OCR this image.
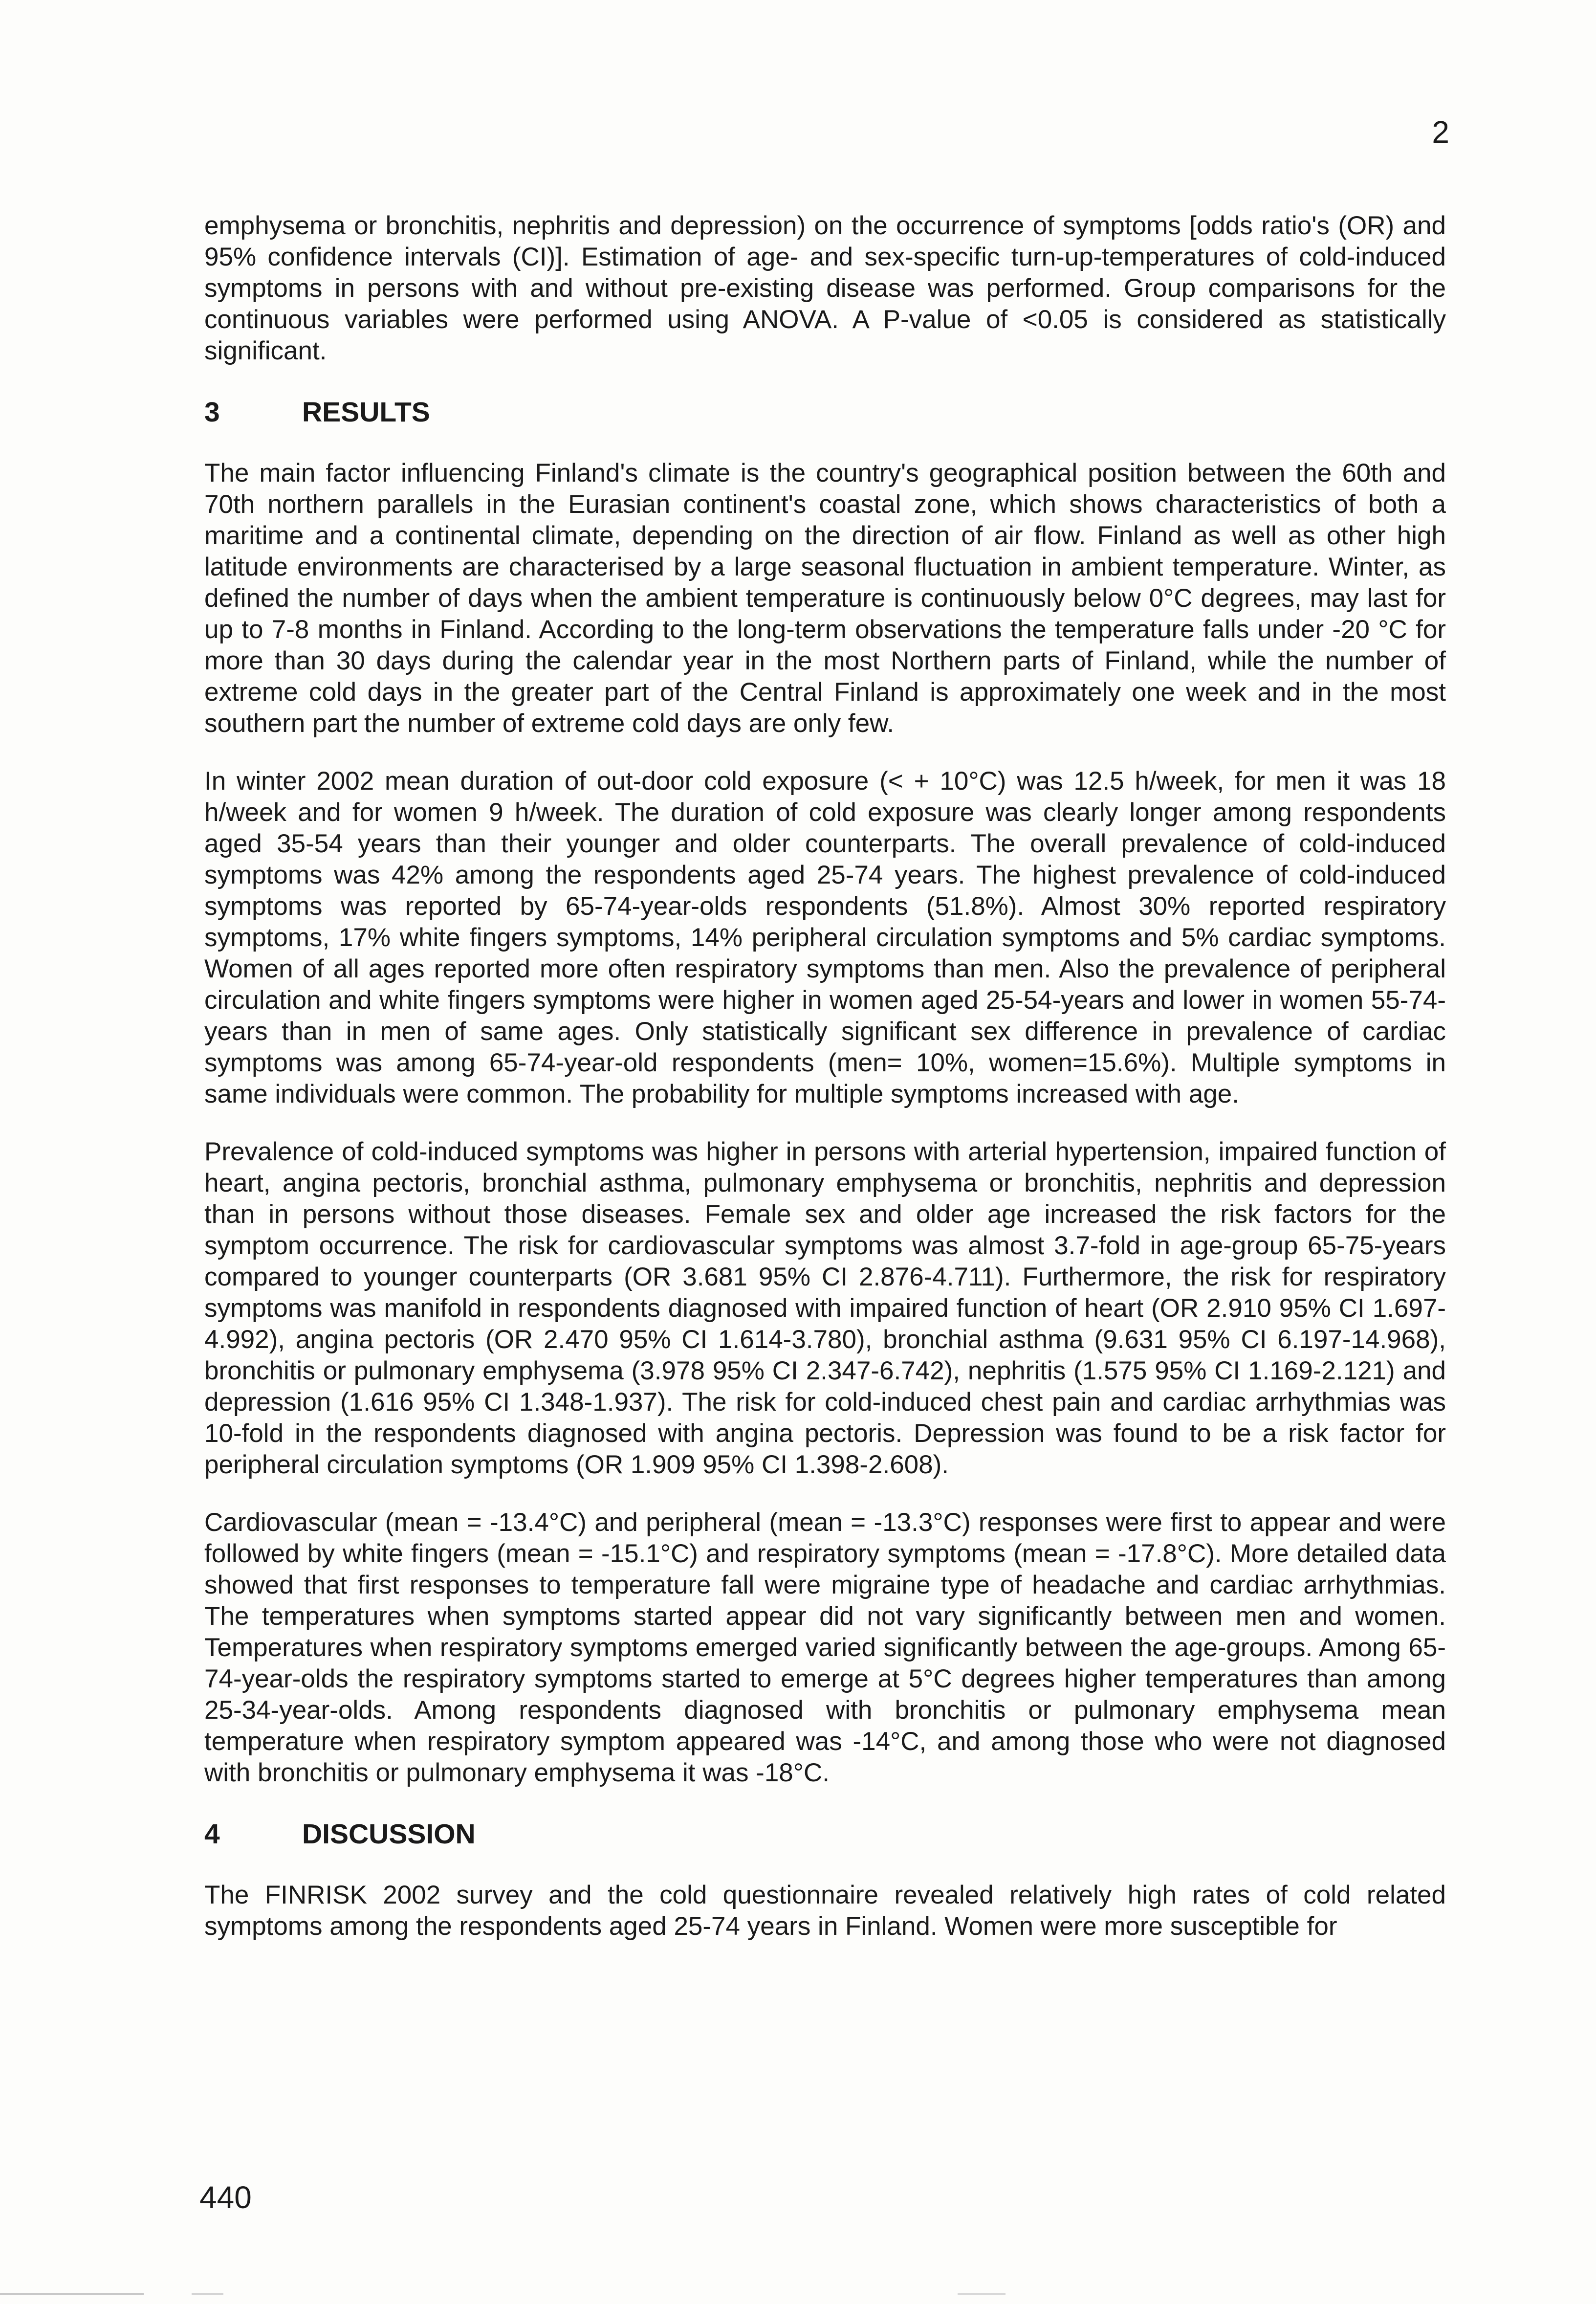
2

emphysema or bronchitis, nephritis and depression) on the occurrence of symptoms [odds ratio's (OR) and 95% confidence intervals (CI)]. Estimation of age- and sex-specific turn-up-temperatures of cold-induced symptoms in persons with and without pre-existing disease was performed. Group comparisons for the continuous variables were performed using ANOVA. A P-value of <0.05 is considered as statistically significant.

3	RESULTS

The main factor influencing Finland's climate is the country's geographical position between the 60th and 70th northern parallels in the Eurasian continent's coastal zone, which shows characteristics of both a maritime and a continental climate, depending on the direction of air flow. Finland as well as other high latitude environments are characterised by a large seasonal fluctuation in ambient temperature. Winter, as defined the number of days when the ambient temperature is continuously below 0°C degrees, may last for up to 7-8 months in Finland. According to the long-term observations the temperature falls under -20 °C for more than 30 days during the calendar year in the most Northern parts of Finland, while the number of extreme cold days in the greater part of the Central Finland is approximately one week and in the most southern part the number of extreme cold days are only few.

In winter 2002 mean duration of out-door cold exposure (< + 10°C) was 12.5 h/week, for men it was 18 h/week and for women 9 h/week. The duration of cold exposure was clearly longer among respondents aged 35-54 years than their younger and older counterparts. The overall prevalence of cold-induced symptoms was 42% among the respondents aged 25-74 years. The highest prevalence of cold-induced symptoms was reported by 65-74-year-olds respondents (51.8%). Almost 30% reported respiratory symptoms, 17% white fingers symptoms, 14% peripheral circulation symptoms and 5% cardiac symptoms. Women of all ages reported more often respiratory symptoms than men. Also the prevalence of peripheral circulation and white fingers symptoms were higher in women aged 25-54-years and lower in women 55-74-years than in men of same ages. Only statistically significant sex difference in prevalence of cardiac symptoms was among 65-74-year-old respondents (men= 10%, women=15.6%). Multiple symptoms in same individuals were common. The probability for multiple symptoms increased with age.

Prevalence of cold-induced symptoms was higher in persons with arterial hypertension, impaired function of heart, angina pectoris, bronchial asthma, pulmonary emphysema or bronchitis, nephritis and depression than in persons without those diseases. Female sex and older age increased the risk factors for the symptom occurrence. The risk for cardiovascular symptoms was almost 3.7-fold in age-group 65-75-years compared to younger counterparts (OR 3.681 95% CI 2.876-4.711). Furthermore, the risk for respiratory symptoms was manifold in respondents diagnosed with impaired function of heart (OR 2.910 95% CI 1.697-4.992), angina pectoris (OR 2.470 95% CI 1.614-3.780), bronchial asthma (9.631 95% CI 6.197-14.968), bronchitis or pulmonary emphysema (3.978 95% CI 2.347-6.742), nephritis (1.575 95% CI 1.169-2.121) and depression (1.616 95% CI 1.348-1.937). The risk for cold-induced chest pain and cardiac arrhythmias was 10-fold in the respondents diagnosed with angina pectoris. Depression was found to be a risk factor for peripheral circulation symptoms (OR 1.909 95% CI 1.398-2.608).

Cardiovascular (mean = -13.4°C) and peripheral (mean = -13.3°C) responses were first to appear and were followed by white fingers (mean = -15.1°C) and respiratory symptoms (mean = -17.8°C). More detailed data showed that first responses to temperature fall were migraine type of headache and cardiac arrhythmias. The temperatures when symptoms started appear did not vary significantly between men and women. Temperatures when respiratory symptoms emerged varied significantly between the age-groups. Among 65-74-year-olds the respiratory symptoms started to emerge at 5°C degrees higher temperatures than among 25-34-year-olds. Among respondents diagnosed with bronchitis or pulmonary emphysema mean temperature when respiratory symptom appeared was -14°C, and among those who were not diagnosed with bronchitis or pulmonary emphysema it was -18°C.

4	DISCUSSION

The FINRISK 2002 survey and the cold questionnaire revealed relatively high rates of cold related symptoms among the respondents aged 25-74 years in Finland. Women were more susceptible for

440
